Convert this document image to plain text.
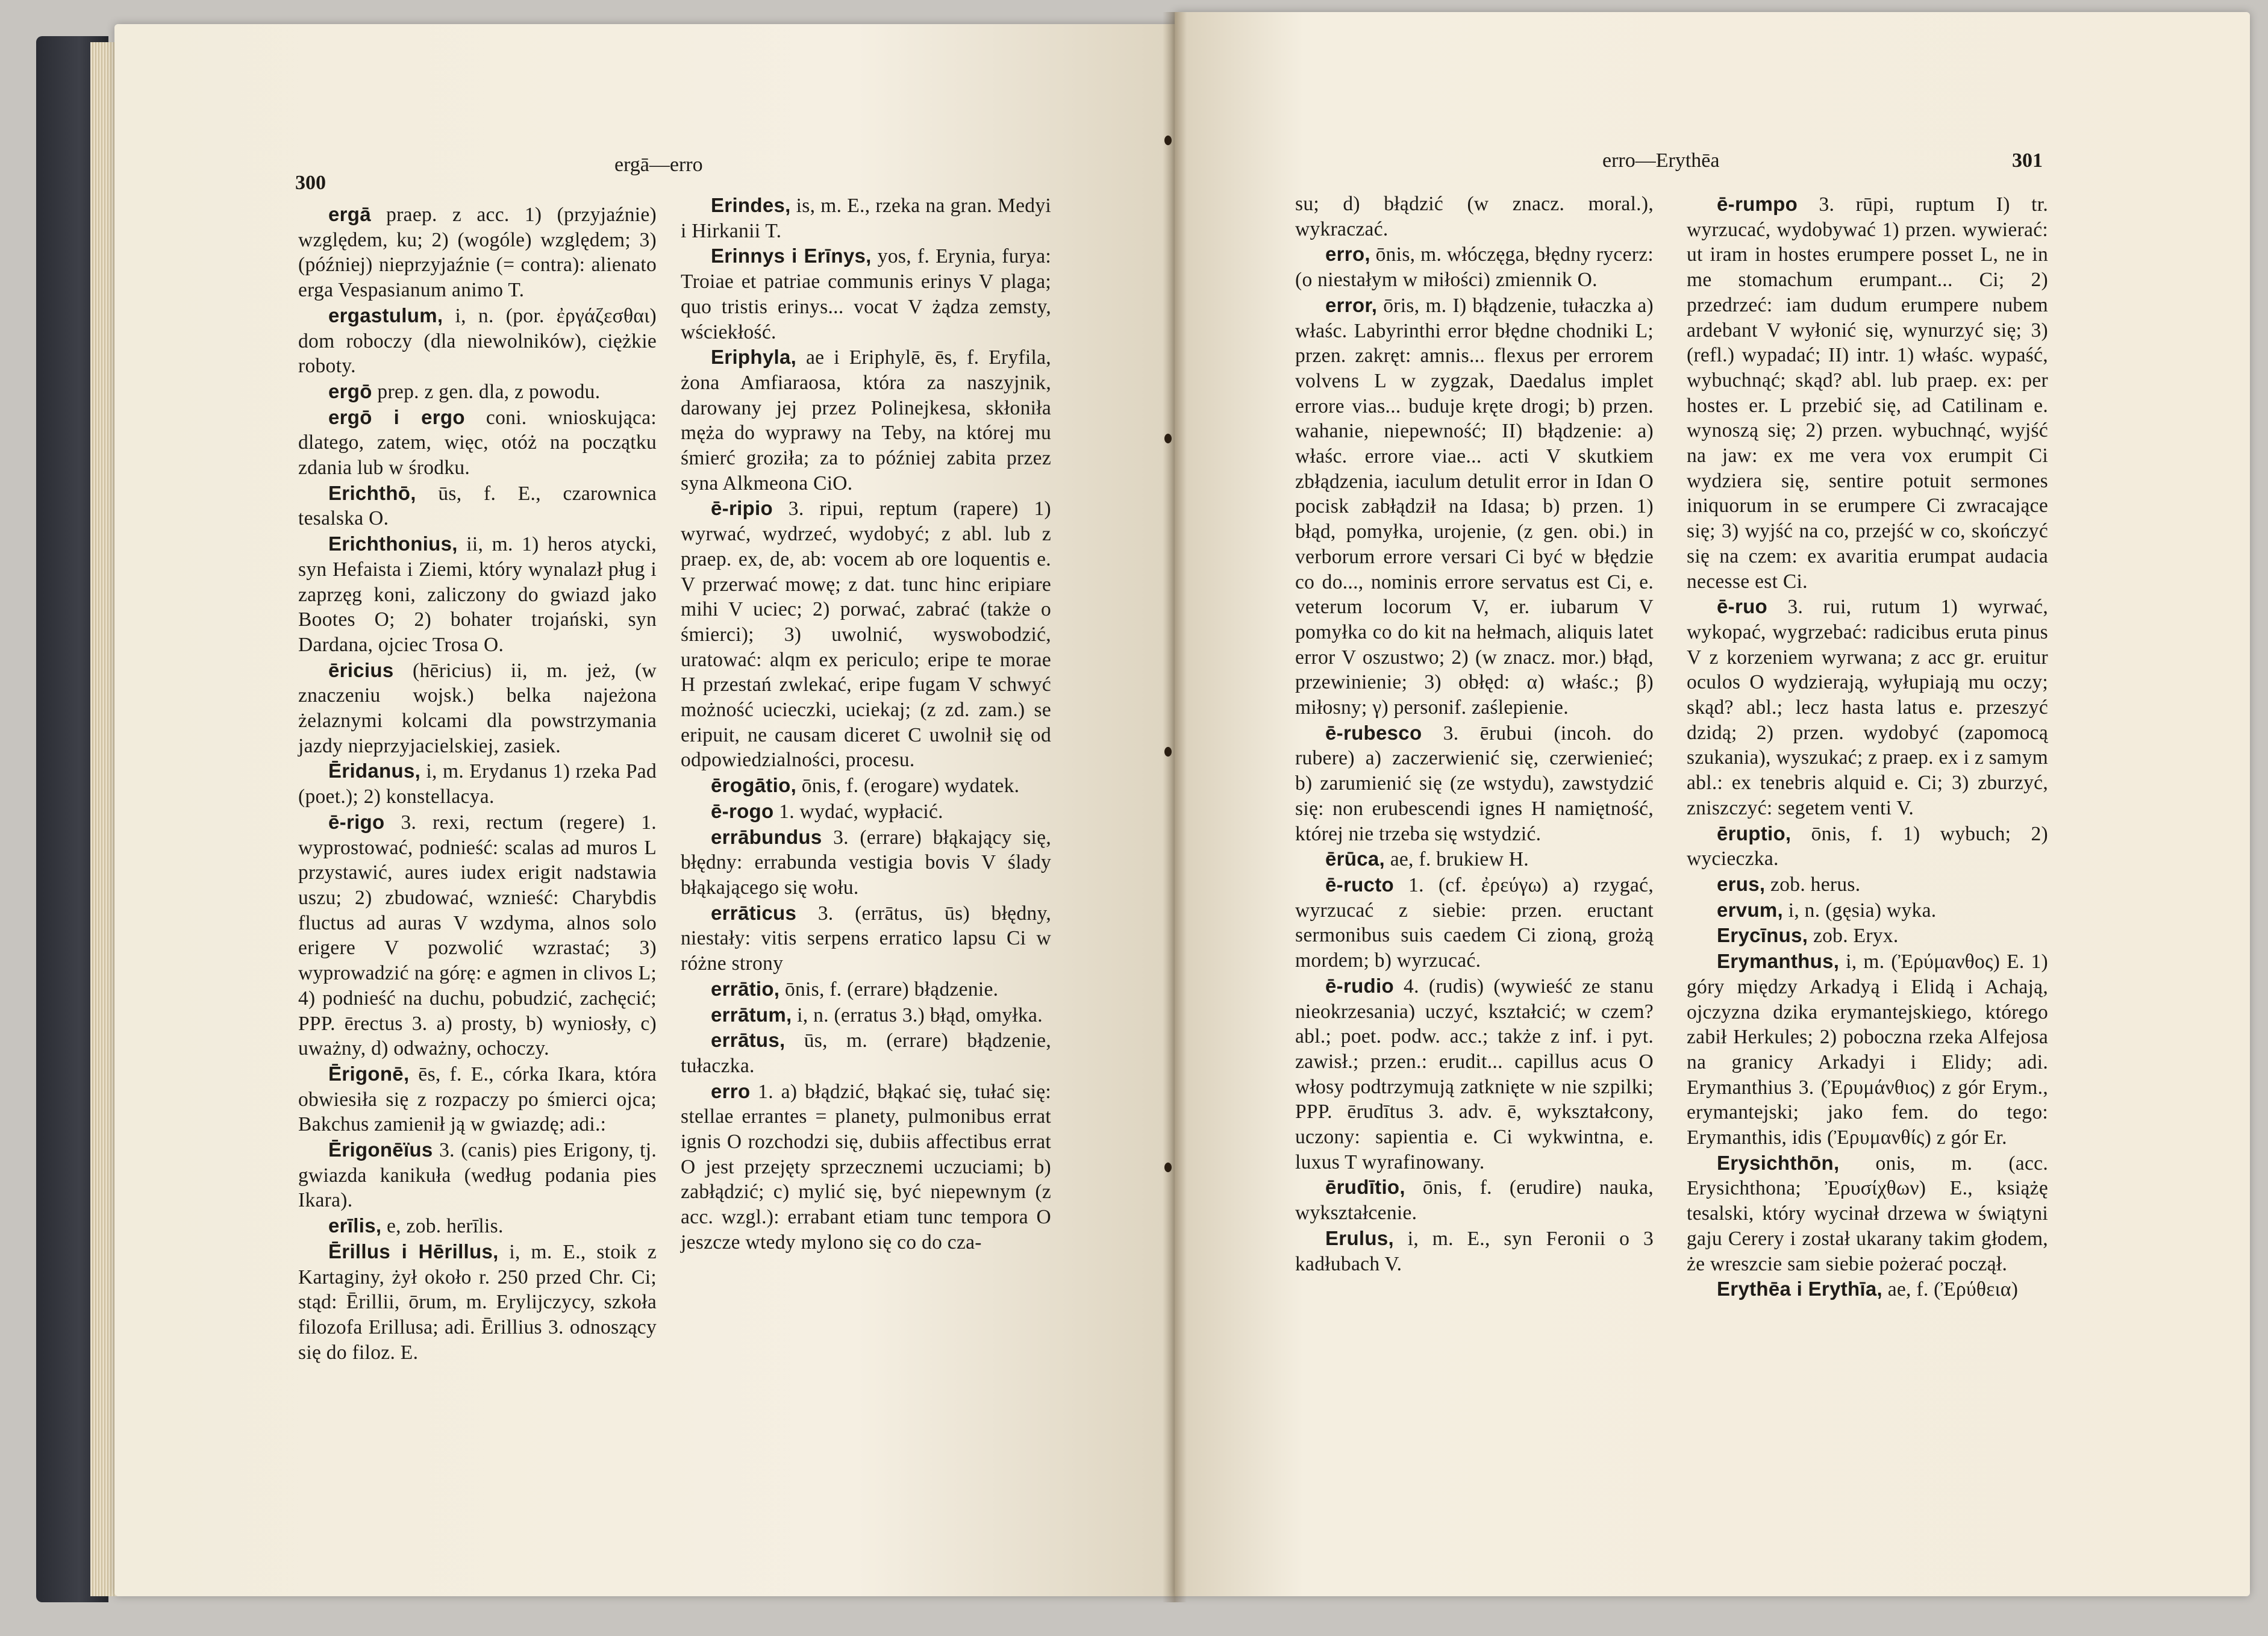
300
ergā—erro	erro—Erythēa	301

ergā praep. z acc. 1) (przyjaźnie) względem, ku; 2) (wogóle) względem; 3) (później) nieprzyjaźnie (= contra): alienato erga Vespasianum animo T.

ergastulum, i, n. (por. ἐργάζεσθαι) dom roboczy (dla niewolników), ciężkie roboty.

ergō prep. z gen. dla, z powodu.

ergō i ergo coni. wnioskująca: dlatego, zatem, więc, otóż na początku zdania lub w środku.

Erichthō, ūs, f. E., czarownica tesalska O.

Erichthonius, ii, m. 1) heros atycki, syn Hefaista i Ziemi, który wynalazł pług i zaprzęg koni, zaliczony do gwiazd jako Bootes O; 2) bohater trojański, syn Dardana, ojciec Trosa O.

ēricius (hēricius) ii, m. jeż, (w znaczeniu wojsk.) belka najeżona żelaznymi kolcami dla powstrzymania jazdy nieprzyjacielskiej, zasiek.

Ēridanus, i, m. Erydanus 1) rzeka Pad (poet.); 2) konstellacya.

ē-rigo 3. rexi, rectum (regere) 1. wyprostować, podnieść: scalas ad muros L przystawić, aures iudex erigit nadstawia uszu; 2) zbudować, wznieść: Charybdis fluctus ad auras V wzdyma, alnos solo erigere V pozwolić wzrastać; 3) wyprowadzić na górę: e agmen in clivos L; 4) podnieść na duchu, pobudzić, zachęcić; PPP. ērectus 3. a) prosty, b) wyniosły, c) uważny, d) odważny, ochoczy.

Ērigonē, ēs, f. E., córka Ikara, która obwiesiła się z rozpaczy po śmierci ojca; Bakchus zamienił ją w gwiazdę; adi.:

Ērigonēïus 3. (canis) pies Erigony, tj. gwiazda kanikuła (według podania pies Ikara).

erīlis, e, zob. herīlis.

Ērillus i Hērillus, i, m. E., stoik z Kartaginy, żył około r. 250 przed Chr. Ci; stąd: Ērillii, ōrum, m. Erylijczycy, szkoła filozofa Erillusa; adi. Ērillius 3. odnoszący się do filoz. E.

Erindes, is, m. E., rzeka na gran. Medyi i Hirkanii T.

Erinnys i Erīnys, yos, f. Erynia, furya: Troiae et patriae communis erinys V plaga; quo tristis erinys... vocat V żądza zemsty, wściekłość.

Eriphyla, ae i Eriphylē, ēs, f. Eryfila, żona Amfiaraosa, która za naszyjnik, darowany jej przez Polinejkesa, skłoniła męża do wyprawy na Teby, na której mu śmierć groziła; za to później zabita przez syna Alkmeona CiO.

ē-ripio 3. ripui, reptum (rapere) 1) wyrwać, wydrzeć, wydobyć; z abl. lub z praep. ex, de, ab: vocem ab ore loquentis e. V przerwać mowę; z dat. tunc hinc eripiare mihi V uciec; 2) porwać, zabrać (także o śmierci); 3) uwolnić, wyswobodzić, uratować: alqm ex periculo; eripe te morae H przestań zwlekać, eripe fugam V schwyć możność ucieczki, uciekaj; (z zd. zam.) se eripuit, ne causam diceret C uwolnił się od odpowiedzialności, procesu.

ērogātio, ōnis, f. (erogare) wydatek.

ē-rogo 1. wydać, wypłacić.

errābundus 3. (errare) błąkający się, błędny: errabunda vestigia bovis V ślady błąkającego się wołu.

errāticus 3. (errātus, ūs) błędny, niestały: vitis serpens erratico lapsu Ci w różne strony

errātio, ōnis, f. (errare) błądzenie.

errātum, i, n. (erratus 3.) błąd, omyłka.

errātus, ūs, m. (errare) błądzenie, tułaczka.

erro 1. a) błądzić, błąkać się, tułać się: stellae errantes = planety, pulmonibus errat ignis O rozchodzi się, dubiis affectibus errat O jest przejęty sprzecznemi uczuciami; b) zabłądzić; c) mylić się, być niepewnym (z acc. wzgl.): errabant etiam tunc tempora O jeszcze wtedy mylono się co do cza-

su; d) błądzić (w znacz. moral.), wykraczać.

erro, ōnis, m. włóczęga, błędny rycerz: (o niestałym w miłości) zmiennik O.

error, ōris, m. I) błądzenie, tułaczka a) właśc. Labyrinthi error błędne chodniki L; przen. zakręt: amnis... flexus per errorem volvens L w zygzak, Daedalus implet errore vias... buduje kręte drogi; b) przen. wahanie, niepewność; II) błądzenie: a) właśc. errore viae... acti V skutkiem zbłądzenia, iaculum detulit error in Idan O pocisk zabłądził na Idasa; b) przen. 1) błąd, pomyłka, urojenie, (z gen. obi.) in verborum errore versari Ci być w błędzie co do..., nominis errore servatus est Ci, e. veterum locorum V, er. iubarum V pomyłka co do kit na hełmach, aliquis latet error V oszustwo; 2) (w znacz. mor.) błąd, przewinienie; 3) obłęd: α) właśc.; β) miłosny; γ) personif. zaślepienie.

ē-rubesco 3. ērubui (incoh. do rubere) a) zaczerwienić się, czerwienieć; b) zarumienić się (ze wstydu), zawstydzić się: non erubescendi ignes H namiętność, której nie trzeba się wstydzić.

ērūca, ae, f. brukiew H.

ē-ructo 1. (cf. ἐρεύγω) a) rzygać, wyrzucać z siebie: przen. eructant sermonibus suis caedem Ci zioną, grożą mordem; b) wyrzucać.

ē-rudio 4. (rudis) (wywieść ze stanu nieokrzesania) uczyć, kształcić; w czem? abl.; poet. podw. acc.; także z inf. i pyt. zawisł.; przen.: erudit... capillus acus O włosy podtrzymują zatknięte w nie szpilki; PPP. ērudītus 3. adv. ē, wykształcony, uczony: sapientia e. Ci wykwintna, e. luxus T wyrafinowany.

ērudītio, ōnis, f. (erudire) nauka, wykształcenie.

Erulus, i, m. E., syn Feronii o 3 kadłubach V.

ē-rumpo 3. rūpi, ruptum I) tr. wyrzucać, wydobywać 1) przen. wywierać: ut iram in hostes erumpere posset L, ne in me stomachum erumpant... Ci; 2) przedrzeć: iam dudum erumpere nubem ardebant V wyłonić się, wynurzyć się; 3) (refl.) wypadać; II) intr. 1) właśc. wypaść, wybuchnąć; skąd? abl. lub praep. ex: per hostes er. L przebić się, ad Catilinam e. wynoszą się; 2) przen. wybuchnąć, wyjść na jaw: ex me vera vox erumpit Ci wydziera się, sentire potuit sermones iniquorum in se erumpere Ci zwracające się; 3) wyjść na co, przejść w co, skończyć się na czem: ex avaritia erumpat audacia necesse est Ci.

ē-ruo 3. rui, rutum 1) wyrwać, wykopać, wygrzebać: radicibus eruta pinus V z korzeniem wyrwana; z acc gr. eruitur oculos O wydzierają, wyłupiają mu oczy; skąd? abl.; lecz hasta latus e. przeszyć dzidą; 2) przen. wydobyć (zapomocą szukania), wyszukać; z praep. ex i z samym abl.: ex tenebris alquid e. Ci; 3) zburzyć, zniszczyć: segetem venti V.

ēruptio, ōnis, f. 1) wybuch; 2) wycieczka.

erus, zob. herus.

ervum, i, n. (gęsia) wyka.

Erycīnus, zob. Eryx.

Erymanthus, i, m. (Ἐρύμανθος) E. 1) góry między Arkadyą i Elidą i Achają, ojczyzna dzika erymantejskiego, którego zabił Herkules; 2) poboczna rzeka Alfejosa na granicy Arkadyi i Elidy; adi. Erymanthius 3. (Ἐρυμάνθιος) z gór Erym., erymantejski; jako fem. do tego: Erymanthis, idis (Ἐρυμανθίς) z gór Er.

Erysichthōn, onis, m. (acc. Erysichthona; Ἐρυσίχθων) E., książę tesalski, który wycinał drzewa w świątyni gaju Cerery i został ukarany takim głodem, że wreszcie sam siebie pożerać począł.

Erythēa i Erythīa, ae, f. (Ἐρύθεια)
